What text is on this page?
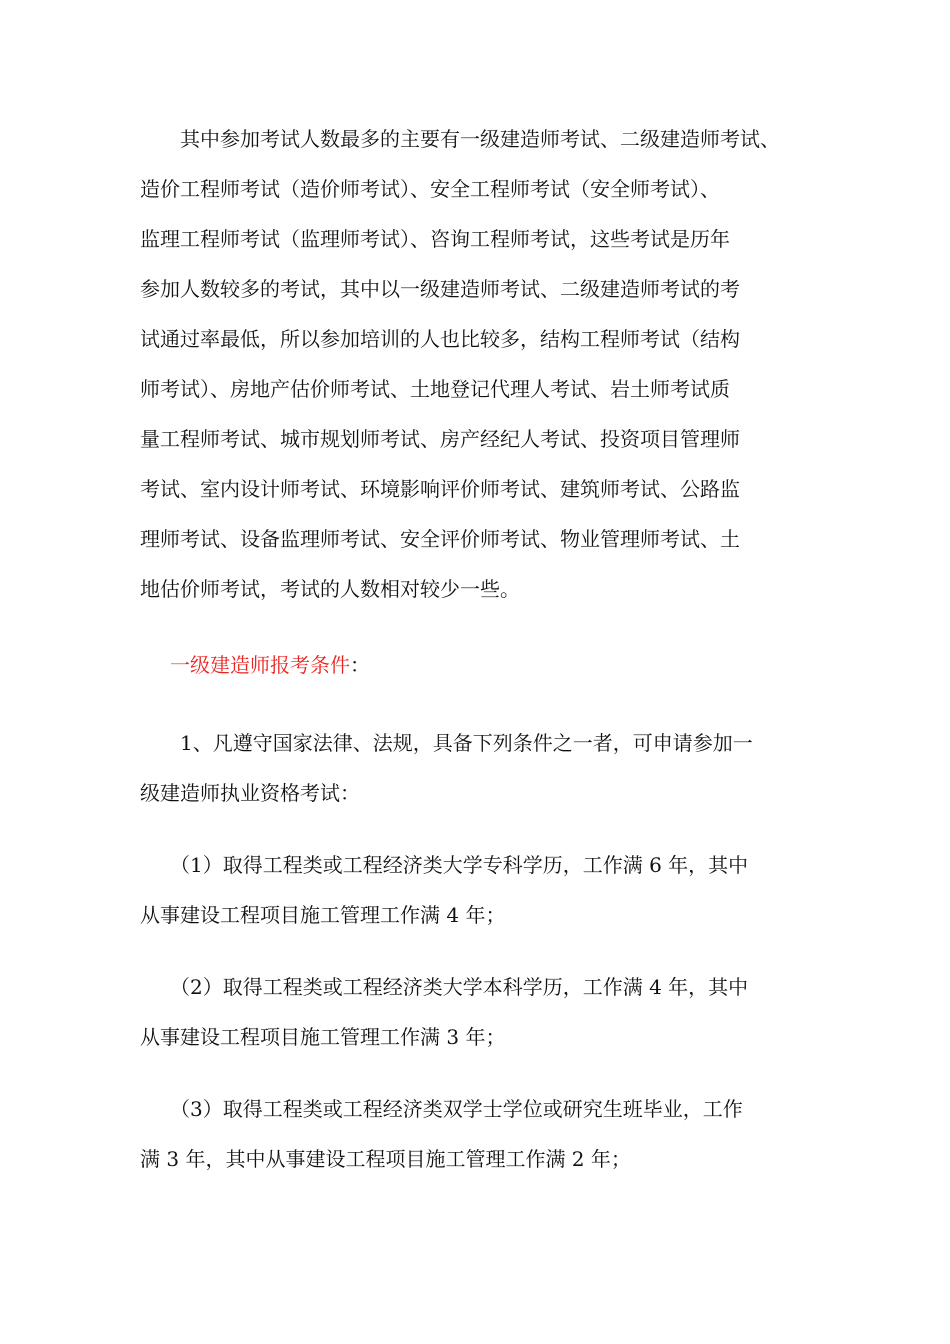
　　其中参加考试人数最多的主要有一级建造师考试、二级建造师考试、
造价工程师考试（造价师考试）、安全工程师考试（安全师考试）、
监理工程师考试（监理师考试）、咨询工程师考试，这些考试是历年
参加人数较多的考试，其中以一级建造师考试、二级建造师考试的考
试通过率最低，所以参加培训的人也比较多，结构工程师考试（结构
师考试）、房地产估价师考试、土地登记代理人考试、岩土师考试质
量工程师考试、城市规划师考试、房产经纪人考试、投资项目管理师
考试、室内设计师考试、环境影响评价师考试、建筑师考试、公路监
理师考试、设备监理师考试、安全评价师考试、物业管理师考试、土
地估价师考试，考试的人数相对较少一些。
一级建造师报考条件：
　　1、凡遵守国家法律、法规，具备下列条件之一者，可申请参加一
级建造师执业资格考试：
　　（1）取得工程类或工程经济类大学专科学历，工作满 6 年，其中
从事建设工程项目施工管理工作满 4 年；
　　（2）取得工程类或工程经济类大学本科学历，工作满 4 年，其中
从事建设工程项目施工管理工作满 3 年；
　　（3）取得工程类或工程经济类双学士学位或研究生班毕业，工作
满 3 年，其中从事建设工程项目施工管理工作满 2 年；
